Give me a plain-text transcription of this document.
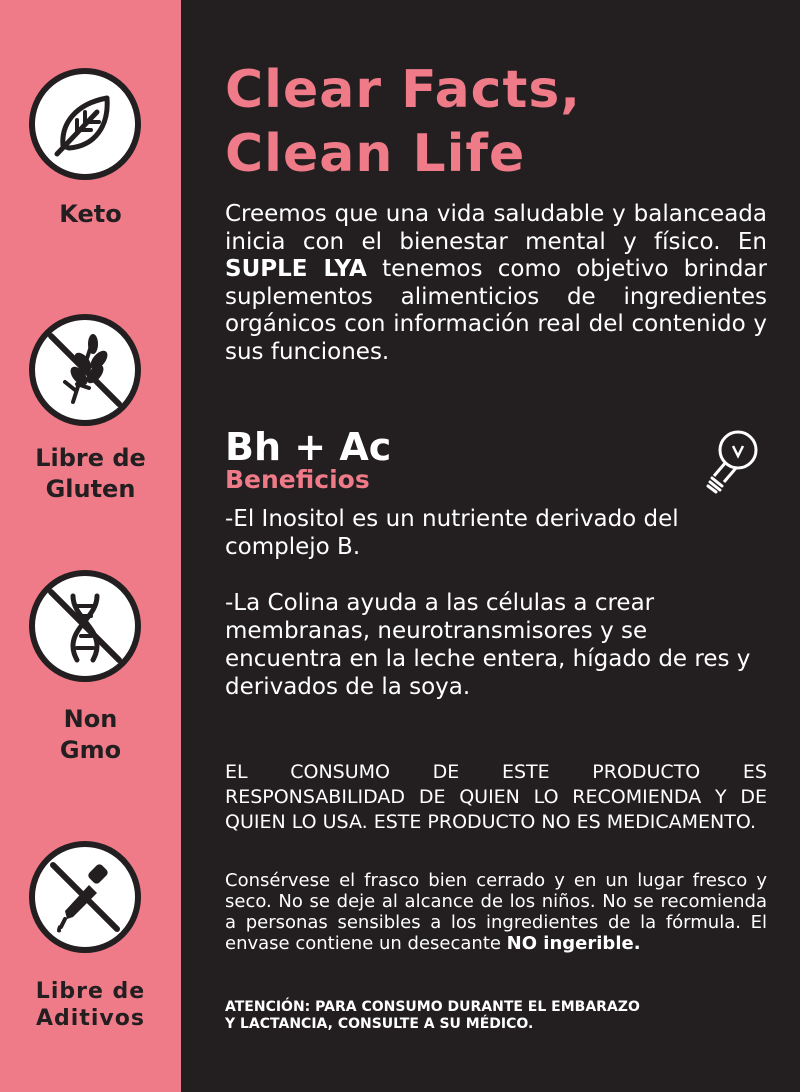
Keto
Libre de
Gluten
Non
Gmo
Libre de
Aditivos
Clear Facts,
Clean Life
Creemos que una vida saludable y balanceada inicia con el bienestar mental y físico. En SUPLE LYA tenemos como objetivo brindar suplementos alimenticios de ingredientes orgánicos con información real del contenido y sus funciones.
Bh + Ac
Beneficios
-El Inositol es un nutriente derivado del complejo B.
-La Colina ayuda a las células a crear membranas, neurotransmisores y se encuentra en la leche entera, hígado de res y derivados de la soya.
EL CONSUMO DE ESTE PRODUCTO ES RESPONSABILIDAD DE QUIEN LO RECOMIENDA Y DE QUIEN LO USA. ESTE PRODUCTO NO ES MEDICAMENTO.
Consérvese el frasco bien cerrado y en un lugar fresco y seco. No se deje al alcance de los niños. No se recomienda a personas sensibles a los ingredientes de la fórmula. El envase contiene un desecante NO ingerible.
ATENCIÓN: PARA CONSUMO DURANTE EL EMBARAZO
Y LACTANCIA, CONSULTE A SU MÉDICO.
